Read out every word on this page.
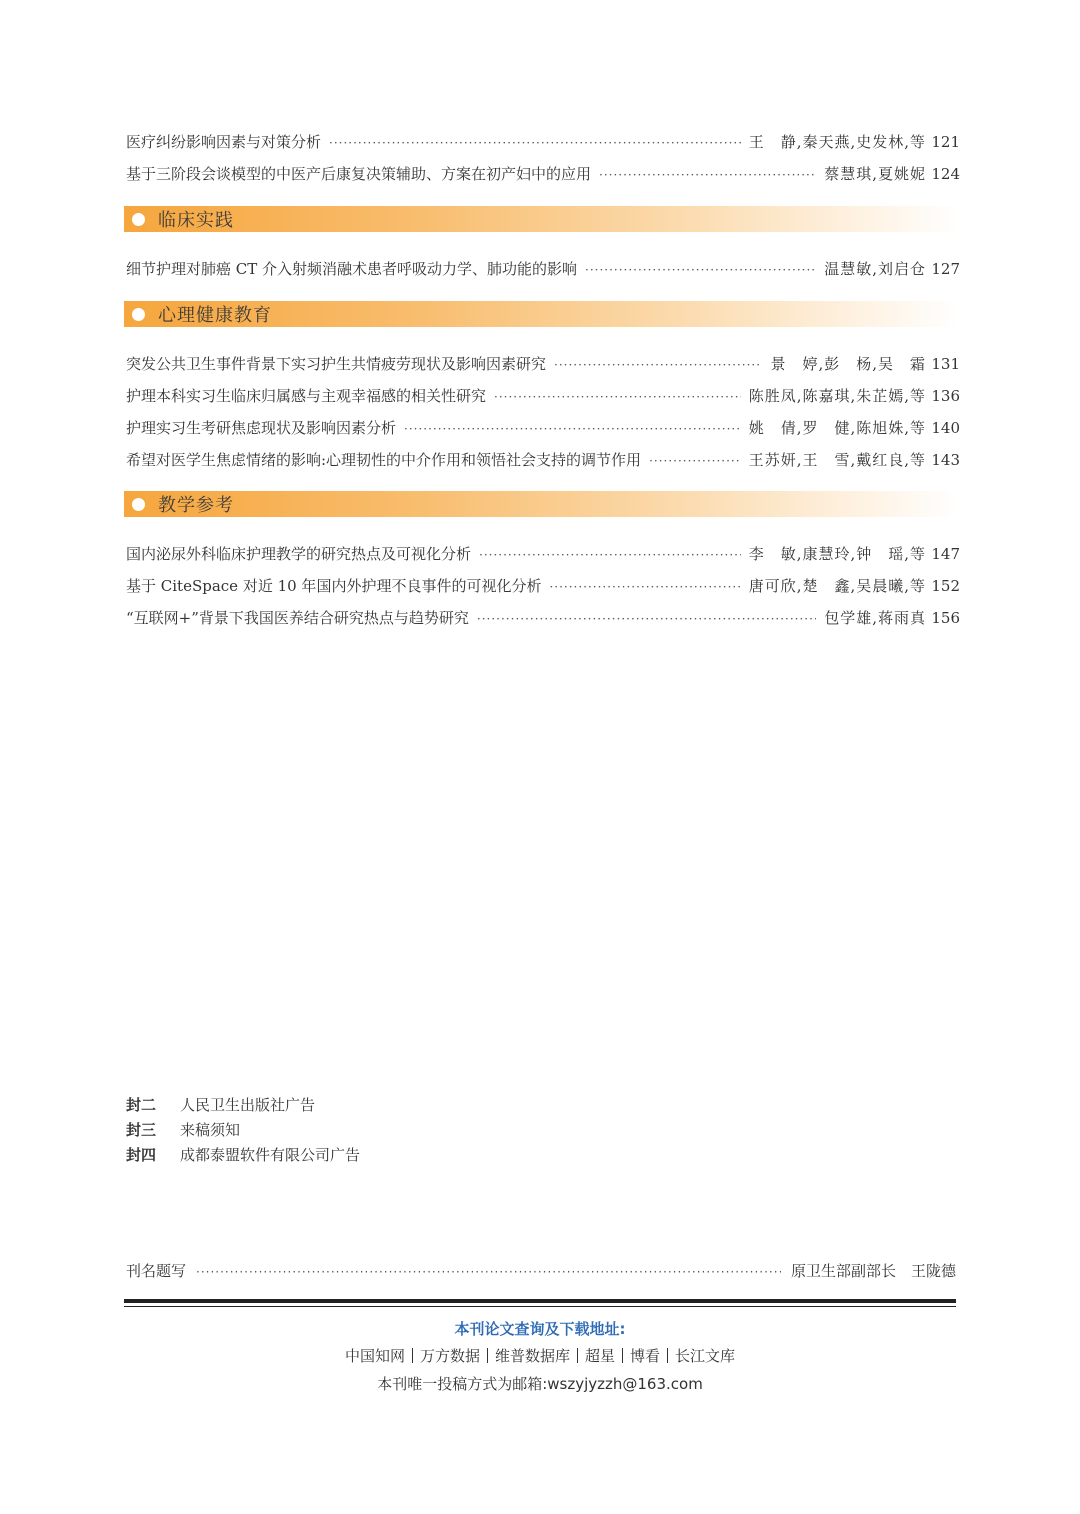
医疗纠纷影响因素与对策分析 ·····	王　静,秦天燕,史发林,等 121
基于三阶段会谈模型的中医产后康复决策辅助、方案在初产妇中的应用 ·····	蔡慧琪,夏姚妮 124
临床实践
细节护理对肺癌 CT 介入射频消融术患者呼吸动力学、肺功能的影响 ·····	温慧敏,刘启仓 127
心理健康教育
突发公共卫生事件背景下实习护生共情疲劳现状及影响因素研究 ·····	景　婷,彭　杨,吴　霜 131
护理本科实习生临床归属感与主观幸福感的相关性研究 ·····	陈胜凤,陈嘉琪,朱芷嫣,等 136
护理实习生考研焦虑现状及影响因素分析 ·····	姚　倩,罗　健,陈旭姝,等 140
希望对医学生焦虑情绪的影响:心理韧性的中介作用和领悟社会支持的调节作用 ·····	王苏妍,王　雪,戴红良,等 143
教学参考
国内泌尿外科临床护理教学的研究热点及可视化分析 ·····	李　敏,康慧玲,钟　瑶,等 147
基于 CiteSpace 对近 10 年国内外护理不良事件的可视化分析 ·····	唐可欣,楚　鑫,吴晨曦,等 152
“互联网+”背景下我国医养结合研究热点与趋势研究 ·····	包学雄,蒋雨真 156
封二	人民卫生出版社广告
封三	来稿须知
封四	成都泰盟软件有限公司广告
刊名题写 ·····	原卫生部副部长　王陇德
本刊论文查询及下载地址:
中国知网 万方数据 维普数据库 超星 博看 长江文库
本刊唯一投稿方式为邮箱:wszyjyzzh@163.com
